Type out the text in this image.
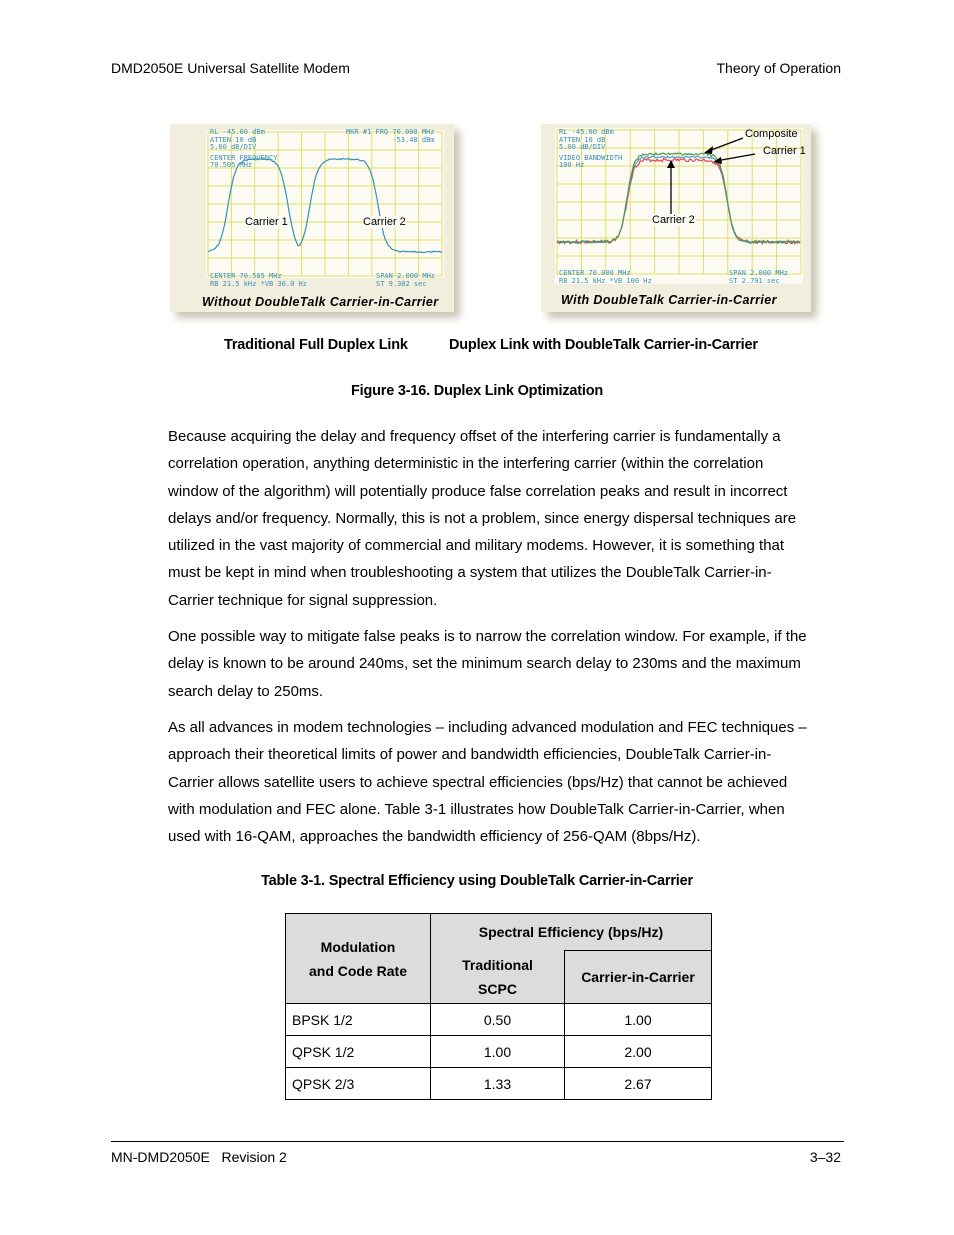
DMD2050E Universal Satellite Modem	Theory of Operation
RL -45.00 dBm
ATTEN 10 dB
5.00 dB/DIV
CENTER FREQUENCY
70.505 MHz
MKR #1 FRQ 70.000 MHz
-53.48 dBm
CENTER 70.505 MHz
RB 21.5 kHz *VB 30.0 Hz
SPAN 2.000 MHz
ST 9.302 sec
Carrier 1	Carrier 2
Without DoubleTalk Carrier-in-Carrier
RL -45.00 dBm
ATTEN 10 dB
5.00 dB/DIV
VIDEO BANDWIDTH
100 Hz
CENTER 70.000 MHz
RB 21.5 kHz *VB 100 Hz
SPAN 2.000 MHz
ST 2.791 sec
Composite
Carrier 1
Carrier 2
With DoubleTalk Carrier-in-Carrier
Traditional Full Duplex Link	Duplex Link with DoubleTalk Carrier-in-Carrier
Figure 3-16. Duplex Link Optimization
Because acquiring the delay and frequency offset of the interfering carrier is fundamentally a
correlation operation, anything deterministic in the interfering carrier (within the correlation
window of the algorithm) will potentially produce false correlation peaks and result in incorrect
delays and/or frequency. Normally, this is not a problem, since energy dispersal techniques are
utilized in the vast majority of commercial and military modems. However, it is something that
must be kept in mind when troubleshooting a system that utilizes the DoubleTalk Carrier-in-
Carrier technique for signal suppression.
One possible way to mitigate false peaks is to narrow the correlation window. For example, if the
delay is known to be around 240ms, set the minimum search delay to 230ms and the maximum
search delay to 250ms.
As all advances in modem technologies – including advanced modulation and FEC techniques –
approach their theoretical limits of power and bandwidth efficiencies, DoubleTalk Carrier-in-
Carrier allows satellite users to achieve spectral efficiencies (bps/Hz) that cannot be achieved
with modulation and FEC alone. Table 3-1 illustrates how DoubleTalk Carrier-in-Carrier, when
used with 16-QAM, approaches the bandwidth efficiency of 256-QAM (8bps/Hz).
Table 3-1. Spectral Efficiency using DoubleTalk Carrier-in-Carrier
Modulation
and Code Rate	Spectral Efficiency (bps/Hz)	

	Traditional
SCPC	Carrier-in-Carrier
BPSK 1/2	0.50	1.00
QPSK 1/2	1.00	2.00
QPSK 2/3	1.33	2.67
MN-DMD2050E   Revision 2	3–32
